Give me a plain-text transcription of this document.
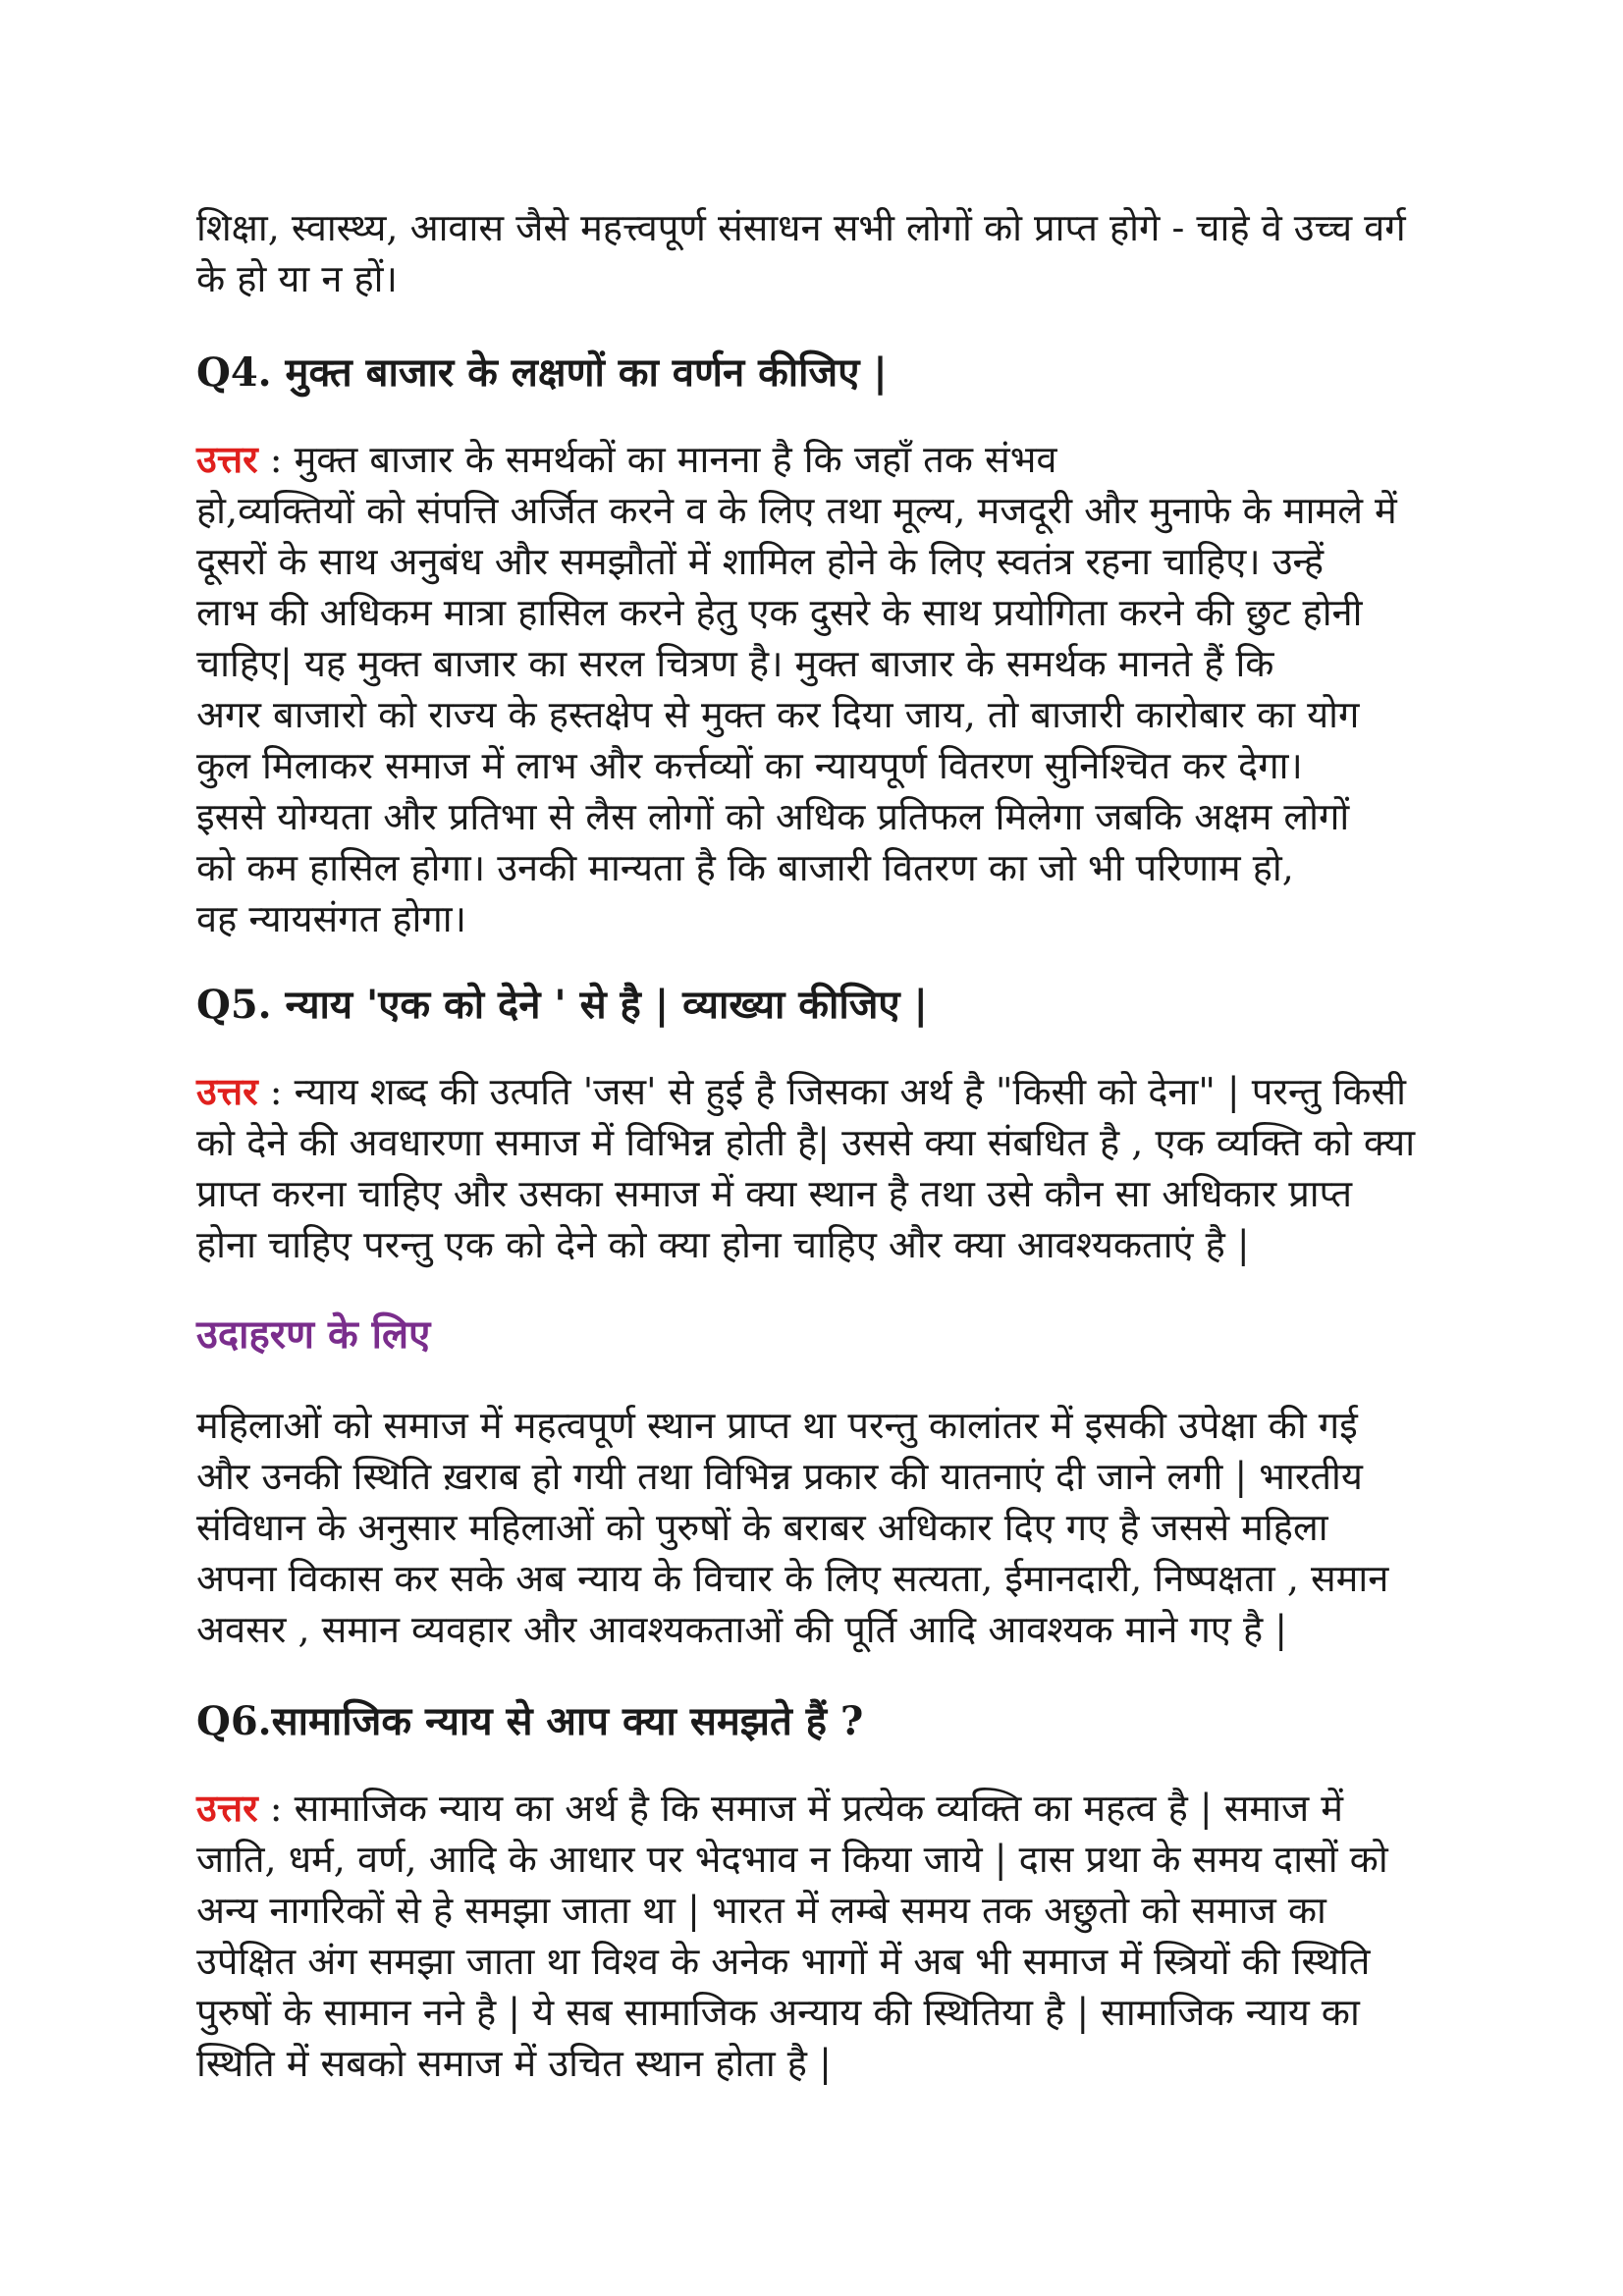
शिक्षा, स्वास्थ्य, आवास जैसे महत्त्वपूर्ण संसाधन सभी लोगों को प्राप्त होगे - चाहे वे उच्च वर्ग
के हो या न हों।

Q4. मुक्त बाजार के लक्षणों का वर्णन कीजिए |

उत्तर : मुक्त बाजार के समर्थकों का मानना है कि जहाँ तक संभव
हो,व्यक्तियों को संपत्ति अर्जित करने व के लिए तथा मूल्य, मजदूरी और मुनाफे के मामले में
दूसरों के साथ अनुबंध और समझौतों में शामिल होने के लिए स्वतंत्र रहना चाहिए। उन्हें
लाभ की अधिकम मात्रा हासिल करने हेतु एक दुसरे के साथ प्रयोगिता करने की छुट होनी
चाहिए| यह मुक्त बाजार का सरल चित्रण है। मुक्त बाजार के समर्थक मानते हैं कि
अगर बाजारो को राज्य के हस्तक्षेप से मुक्त कर दिया जाय, तो बाजारी कारोबार का योग
कुल मिलाकर समाज में लाभ और कर्त्तव्यों का न्यायपूर्ण वितरण सुनिश्चित कर देगा।
इससे योग्यता और प्रतिभा से लैस लोगों को अधिक प्रतिफल मिलेगा जबकि अक्षम लोगों
को कम हासिल होगा। उनकी मान्यता है कि बाजारी वितरण का जो भी परिणाम हो,
वह न्यायसंगत होगा।

Q5. न्याय 'एक को देने ' से है | व्याख्या कीजिए |

उत्तर : न्याय शब्द की उत्पति 'जस' से हुई है जिसका अर्थ है "किसी को देना" | परन्तु किसी
को देने की अवधारणा समाज में विभिन्न होती है| उससे क्या संबधित है , एक व्यक्ति को क्या
प्राप्त करना चाहिए और उसका समाज में क्या स्थान है तथा उसे कौन सा अधिकार प्राप्त
होना चाहिए परन्तु एक को देने को क्या होना चाहिए और क्या आवश्यकताएं है |

उदाहरण के लिए

महिलाओं को समाज में महत्वपूर्ण स्थान प्राप्त था परन्तु कालांतर में इसकी उपेक्षा की गई
और उनकी स्थिति ख़राब हो गयी तथा विभिन्न प्रकार की यातनाएं दी जाने लगी | भारतीय
संविधान के अनुसार महिलाओं को पुरुषों के बराबर अधिकार दिए गए है जससे महिला
अपना विकास कर सके अब न्याय के विचार के लिए सत्यता, ईमानदारी, निष्पक्षता , समान
अवसर , समान व्यवहार और आवश्यकताओं की पूर्ति आदि आवश्यक माने गए है |

Q6.सामाजिक न्याय से आप क्या समझते हैं ?

उत्तर : सामाजिक न्याय का अर्थ है कि समाज में प्रत्येक व्यक्ति का महत्व है | समाज में
जाति, धर्म, वर्ण, आदि के आधार पर भेदभाव न किया जाये | दास प्रथा के समय दासों को
अन्य नागरिकों से हे समझा जाता था | भारत में लम्बे समय तक अछुतो को समाज का
उपेक्षित अंग समझा जाता था विश्व के अनेक भागों में अब भी समाज में स्त्रियों की स्थिति
पुरुषों के सामान नने है | ये सब सामाजिक अन्याय की स्थितिया है | सामाजिक न्याय का
स्थिति में सबको समाज में उचित स्थान होता है |
